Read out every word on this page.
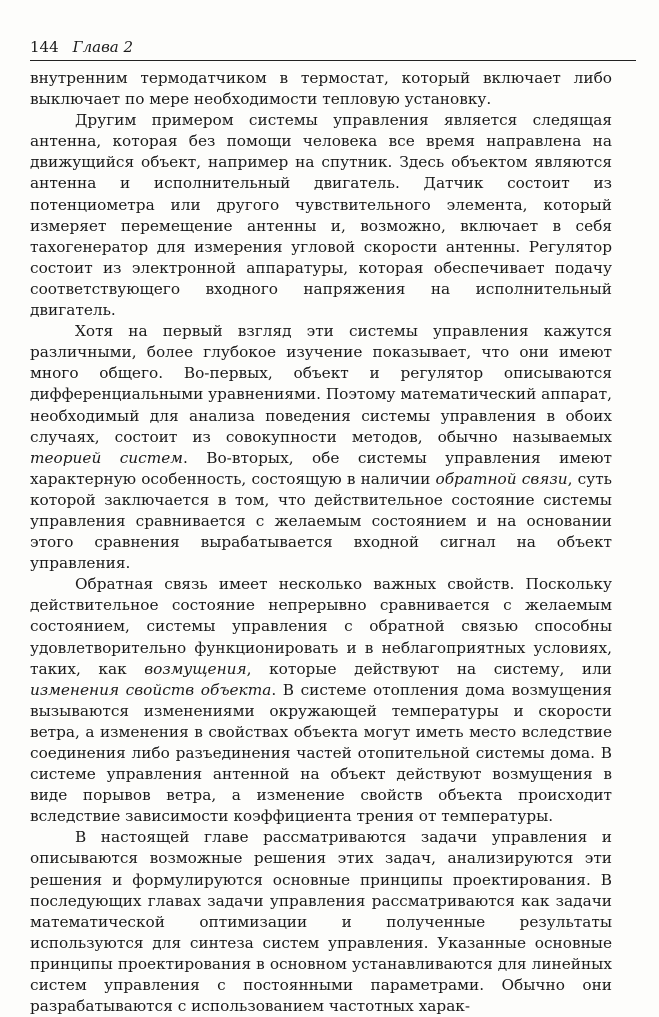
144 Глава 2

внутренним термодатчиком в термостат, который включает либо выключает по мере необходимости тепловую установку.

Другим примером системы управления является следящая антенна, которая без помощи человека все время направлена на движущийся объект, например на спутник. Здесь объектом являются антенна и исполнительный двигатель. Датчик состоит из потенциометра или другого чувствительного элемента, который измеряет перемещение антенны и, возможно, включает в себя тахогенератор для измерения угловой скорости антенны. Регулятор состоит из электронной аппаратуры, которая обеспечивает подачу соответствующего входного напряжения на исполнительный двигатель.

Хотя на первый взгляд эти системы управления кажутся различными, более глубокое изучение показывает, что они имеют много общего. Во-первых, объект и регулятор описываются дифференциальными уравнениями. Поэтому математический аппарат, необходимый для анализа поведения системы управления в обоих случаях, состоит из совокупности методов, обычно называемых теорией систем. Во-вторых, обе системы управления имеют характерную особенность, состоящую в наличии обратной связи, суть которой заключается в том, что действительное состояние системы управления сравнивается с желаемым состоянием и на основании этого сравнения вырабатывается входной сигнал на объект управления.

Обратная связь имеет несколько важных свойств. Поскольку действительное состояние непрерывно сравнивается с желаемым состоянием, системы управления с обратной связью способны удовлетворительно функционировать и в неблагоприятных условиях, таких, как возмущения, которые действуют на систему, или изменения свойств объекта. В системе отопления дома возмущения вызываются изменениями окружающей температуры и скорости ветра, а изменения в свойствах объекта могут иметь место вследствие соединения либо разъединения частей отопительной системы дома. В системе управления антенной на объект действуют возмущения в виде порывов ветра, а изменение свойств объекта происходит вследствие зависимости коэффициента трения от температуры.

В настоящей главе рассматриваются задачи управления и описываются возможные решения этих задач, анализируются эти решения и формулируются основные принципы проектирования. В последующих главах задачи управления рассматриваются как задачи математической оптимизации и полученные результаты используются для синтеза систем управления. Указанные основные принципы проектирования в основном устанавливаются для линейных систем управления с постоянными параметрами. Обычно они разрабатываются с использованием частотных харак-
